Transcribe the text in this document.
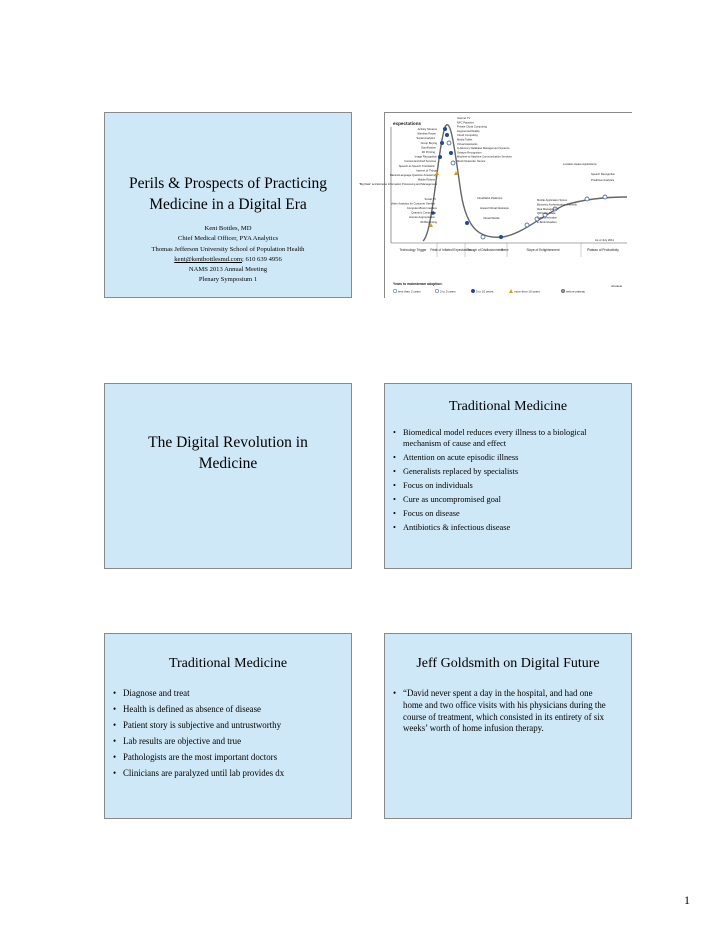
Perils & Prospects of Practicing
Medicine in a Digital Era
Kent Bottles, MD
Chief Medical Officer, PYA Analytics
Thomas Jefferson University School of Population Health
kent@kentbottlesmd.com; 610 639 4956
NAMS 2013 Annual Meeting
Plenary Symposium 1
Activity Streams
Wireless Power
Social Analytics
Group Buying
Gamification
3D Printing
Image Recognition
Context-Enriched Services
Speech-to-Speech Translation
Internet of Things
Natural-Language Question Answering
Mobile Robots
"Big Data" and Extreme Information Processing and Management
Social TV
Video Analytics for Customer Service
Computer-Brain Interface
Quantum Computing
Human Augmentation
3D Bioprinting
Internet TV
NFC Payment
Private Cloud Computing
Augmented Reality
Cloud Computing
Media Tablet
Virtual Assistants
In-Memory Database Management Systems
Gesture Recognition
Machine-to-Machine Communication Services
Mesh Networks: Sensor
Location-Aware Applications
Speech Recognition
Predictive Analytics
Cloud/Web Platforms
Hosted Virtual Desktops
Virtual Worlds
Mobile Application Stores
Biometric Authentication Methods
Idea Management
QR/Color Code
Consumerization
E-Book Readers
expectations
time
As of July 2011
Technology Trigger Peak of Inflated Expectations
Trough of Disillusionment	Slope of Enlightenment	Plateau of Productivity
Years to mainstream adoption:
less than 2 years	2 to 5 years	5 to 10 years	more than 10 years	before plateau
obsolete
The Digital Revolution in
Medicine
Traditional Medicine
• Biomedical model reduces every illness to a biological mechanism of cause and effect
• Attention on acute episodic illness
• Generalists replaced by specialists
• Focus on individuals
• Cure as uncompromised goal
• Focus on disease
• Antibiotics & infectious disease
Traditional Medicine
• Diagnose and treat
• Health is defined as absence of disease
• Patient story is subjective and untrustworthy
• Lab results are objective and true
• Pathologists are the most important doctors
• Clinicians are paralyzed until lab provides dx
Jeff Goldsmith on Digital Future
• “David never spent a day in the hospital, and had one home and two office visits with his physicians during the course of treatment, which consisted in its entirety of six weeks’ worth of home infusion therapy.
1
